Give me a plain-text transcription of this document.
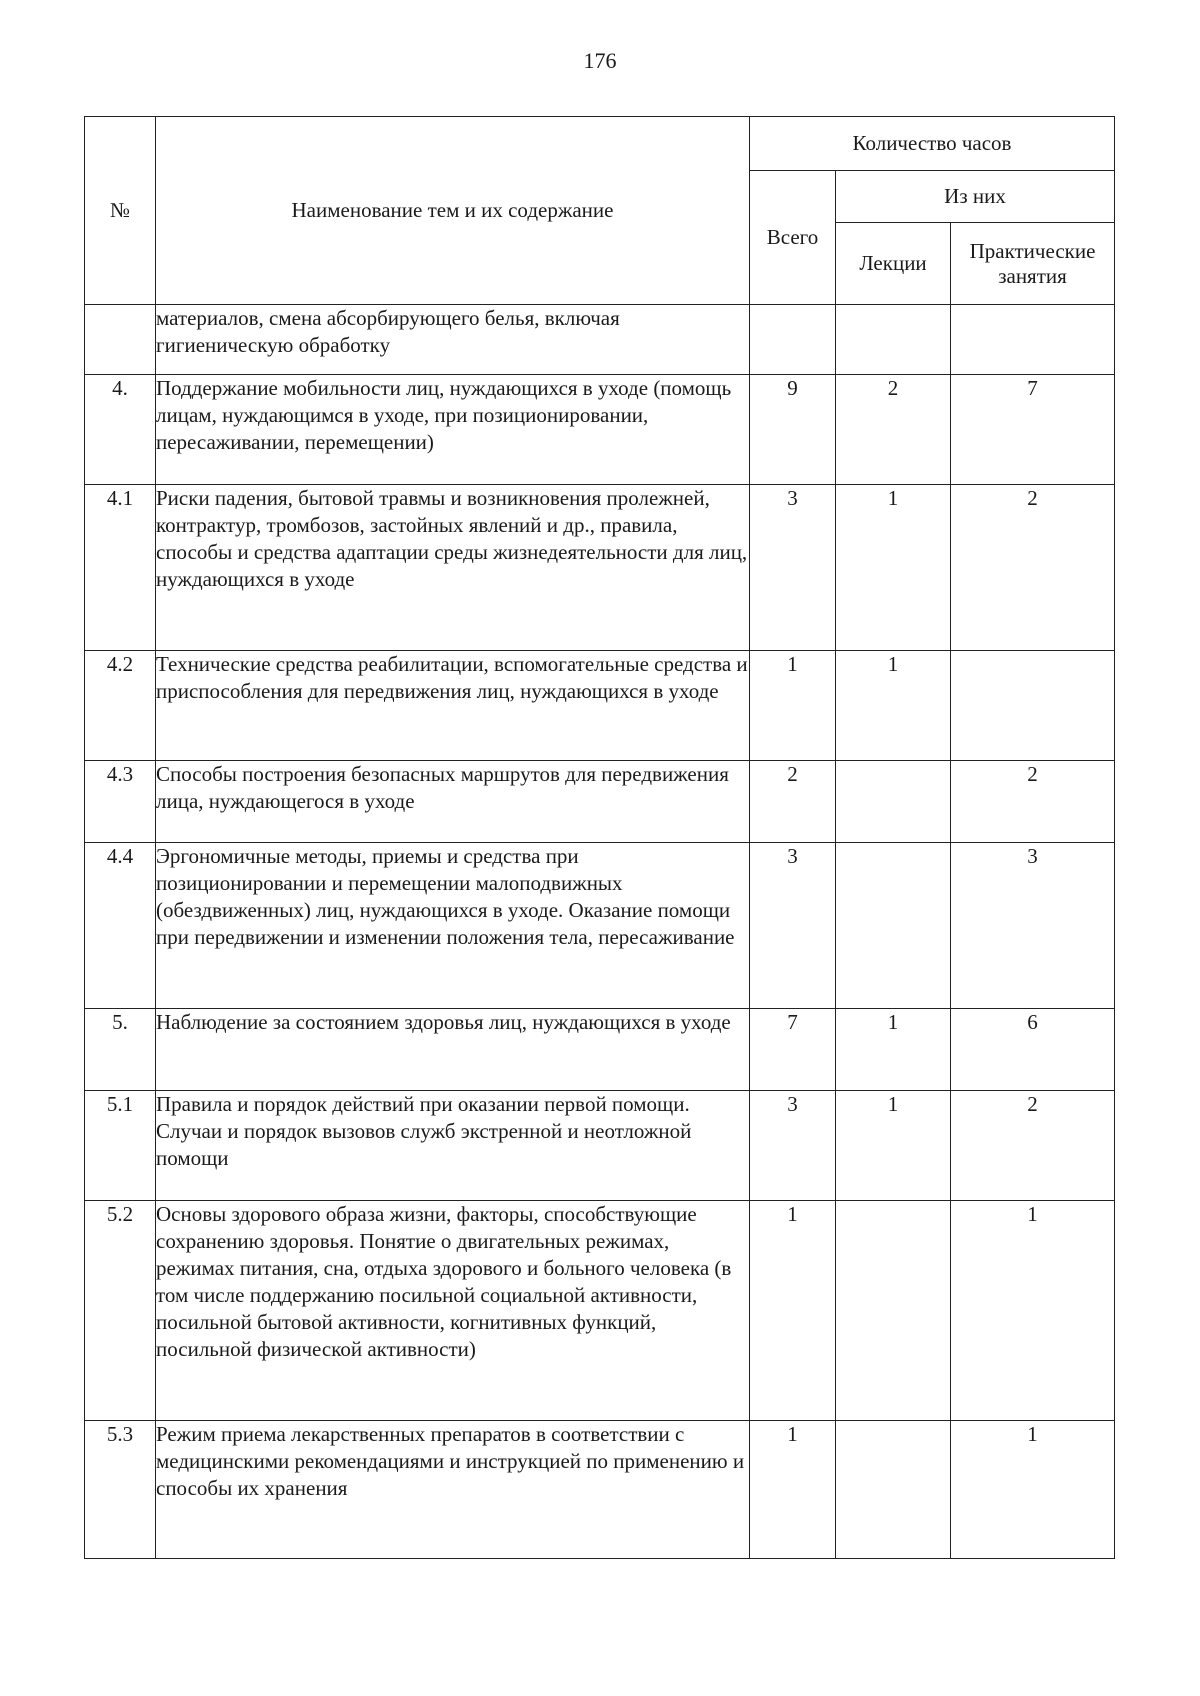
176
№	Наименование тем и их содержание	Количество часов		
		Всего	Из них	
			Лекции	Практические
занятия

	материалов, смена абсорбирующего белья, включая гигиеническую обработку			
4.	Поддержание мобильности лиц, нуждающихся в уходе (помощь лицам, нуждающимся в уходе, при позиционировании, пересаживании, перемещении)	9	2	7
4.1	Риски падения, бытовой травмы и возникновения пролежней, контрактур, тромбозов, застойных явлений и др., правила, способы и средства адаптации среды жизнедеятельности для лиц, нуждающихся в уходе	3	1	2
4.2	Технические средства реабилитации, вспомогательные средства и приспособления для передвижения лиц, нуждающихся в уходе	1	1	
4.3	Способы построения безопасных маршрутов для передвижения лица, нуждающегося в уходе	2		2
4.4	Эргономичные методы, приемы и средства при позиционировании и перемещении малоподвижных (обездвиженных) лиц, нуждающихся в уходе. Оказание помощи при передвижении и изменении положения тела, пересаживание	3		3
5.	Наблюдение за состоянием здоровья лиц, нуждающихся в уходе	7	1	6
5.1	Правила и порядок действий при оказании первой помощи. Случаи и порядок вызовов служб экстренной и неотложной помощи	3	1	2
5.2	Основы здорового образа жизни, факторы, способствующие сохранению здоровья. Понятие о двигательных режимах, режимах питания, сна, отдыха здорового и больного человека (в том числе поддержанию посильной социальной активности, посильной бытовой активности, когнитивных функций, посильной физической активности)	1		1
5.3	Режим приема лекарственных препаратов в соответствии с медицинскими рекомендациями и инструкцией по применению и способы их хранения	1		1
